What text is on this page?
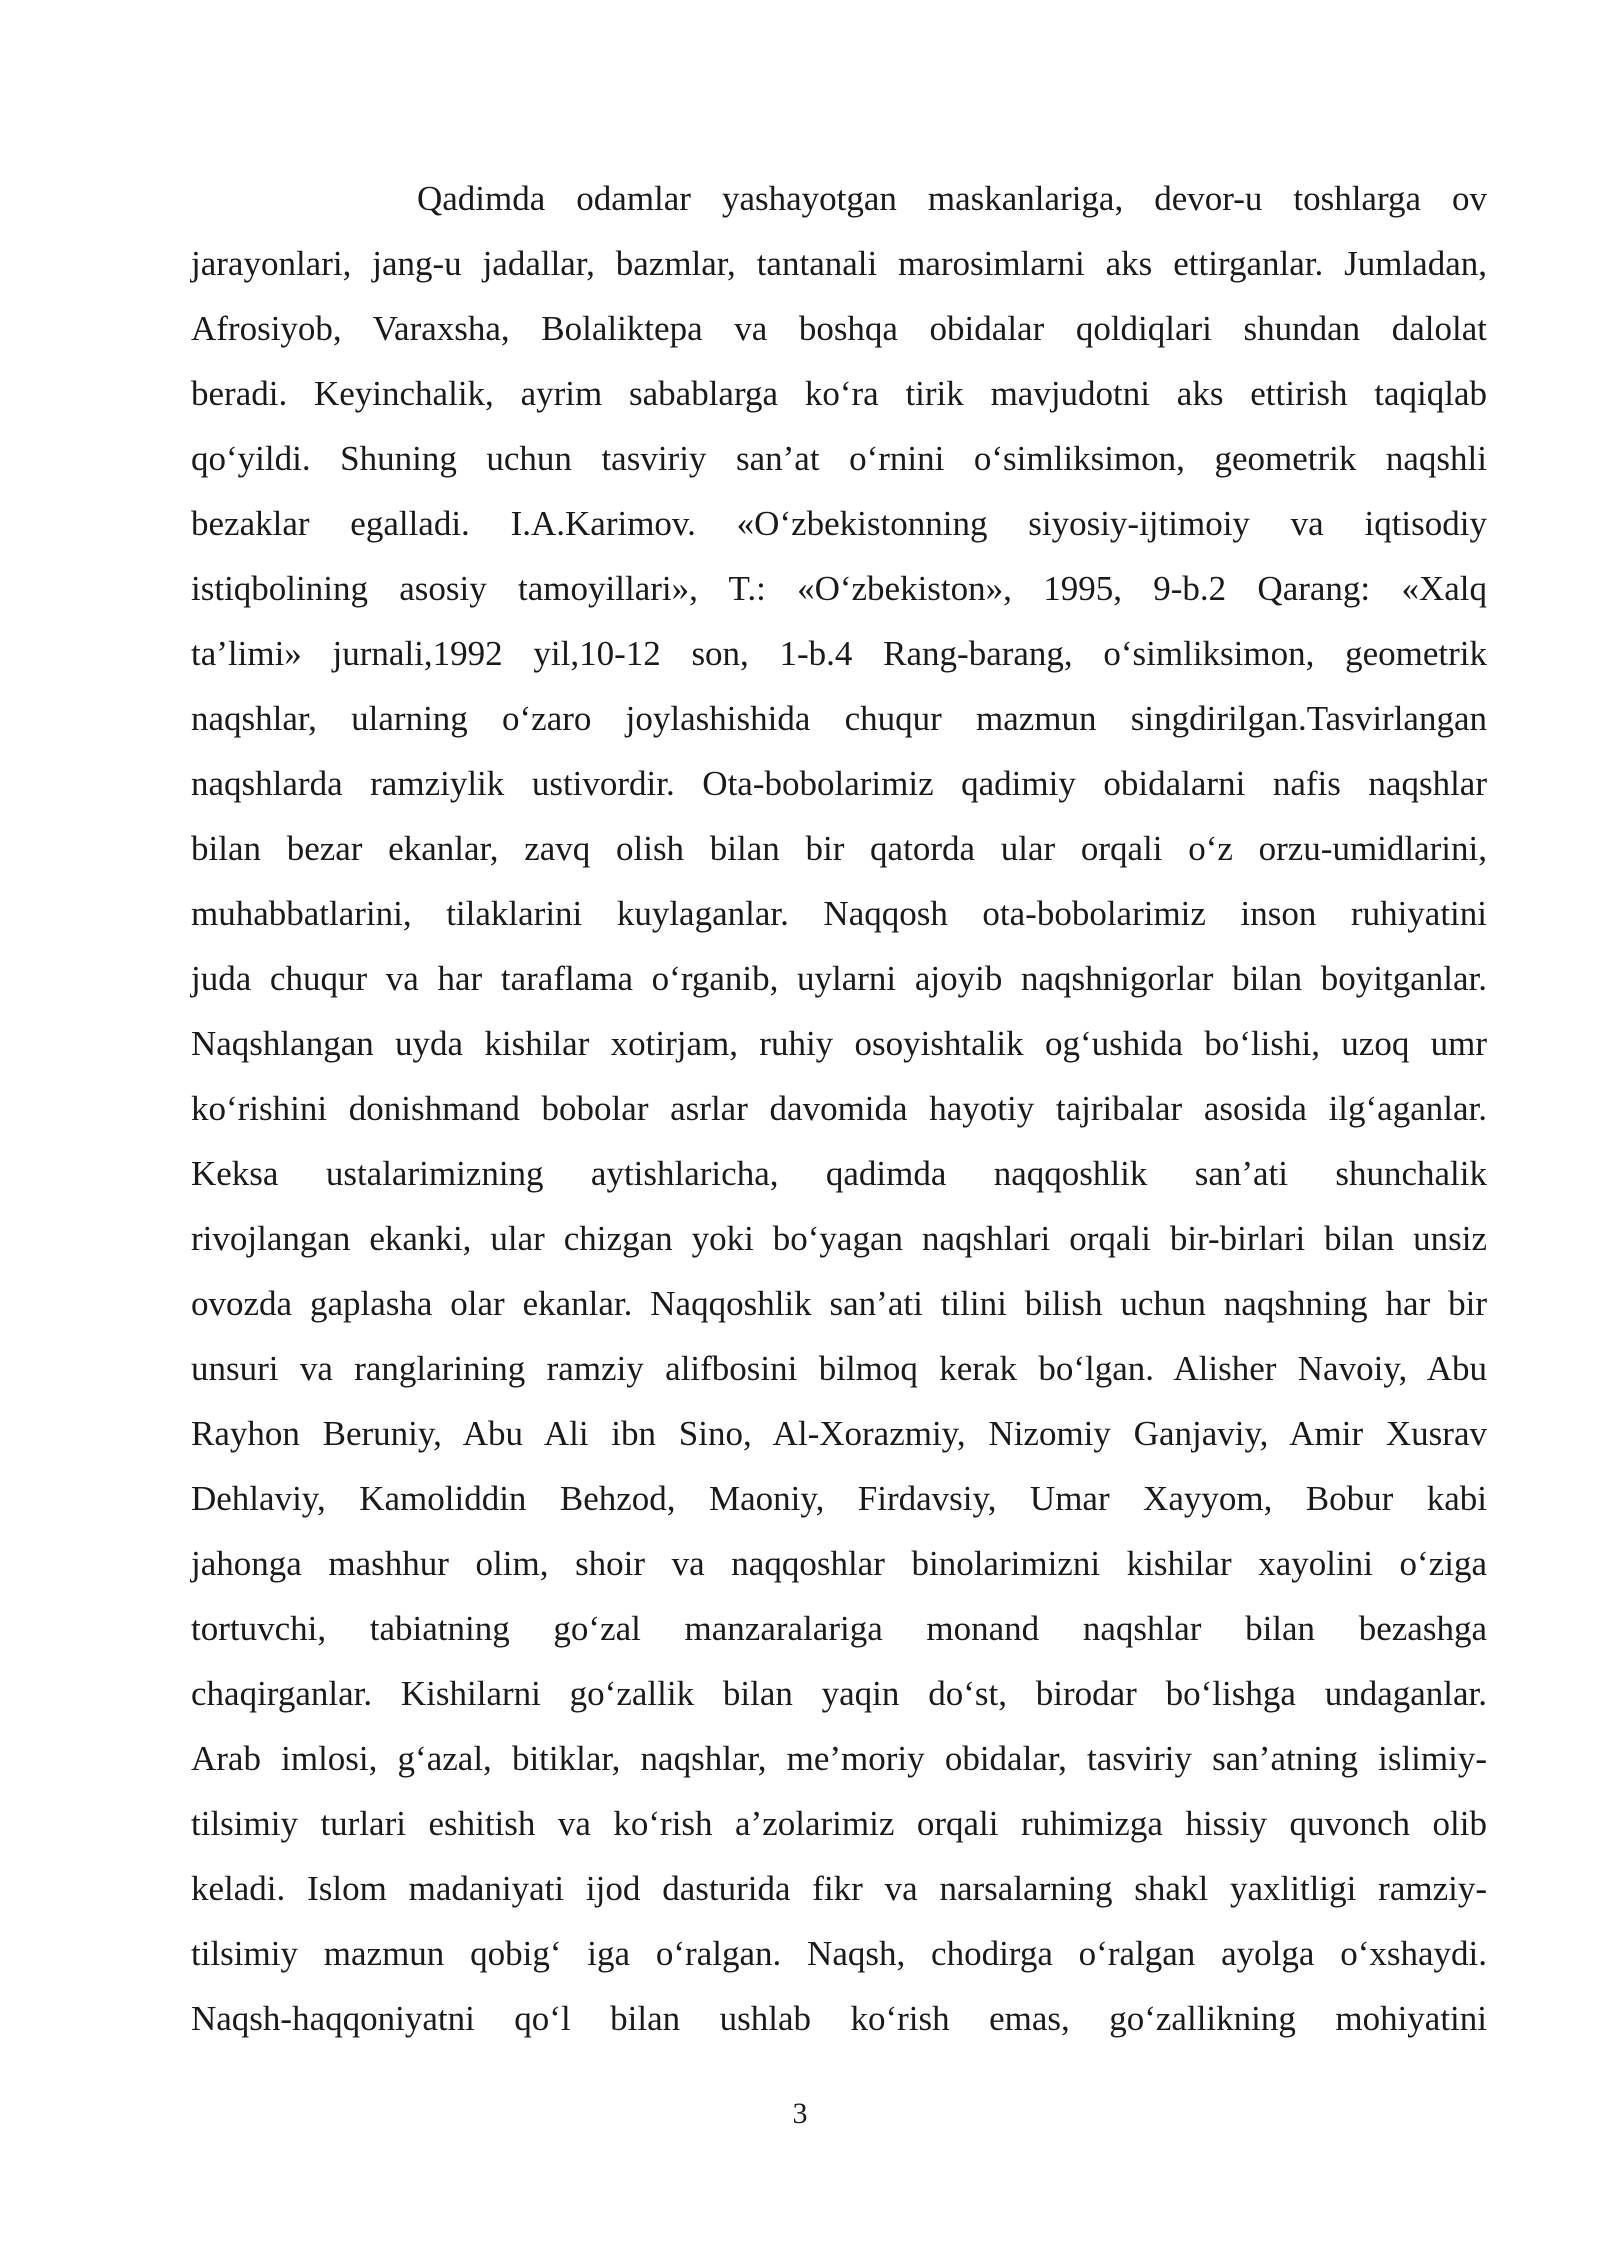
Qadimda odamlar yashayotgan maskanlariga, devor-u toshlarga ov
jarayonlari, jang-u jadallar, bazmlar, tantanali marosimlarni aks ettirganlar. Jumladan,
Afrosiyob, Varaxsha, Bolaliktepa va boshqa obidalar qoldiqlari shundan dalolat
beradi. Keyinchalik, ayrim sabablarga ko‘ra tirik mavjudotni aks ettirish taqiqlab
qo‘yildi. Shuning uchun tasviriy san’at o‘rnini o‘simliksimon, geometrik naqshli
bezaklar egalladi. I.A.Karimov. «O‘zbekistonning siyosiy-ijtimoiy va iqtisodiy
istiqbolining asosiy tamoyillari», T.: «O‘zbekiston», 1995, 9-b.2 Qarang: «Xalq
ta’limi» jurnali,1992 yil,10-12 son, 1-b.4 Rang-barang, o‘simliksimon, geometrik
naqshlar, ularning o‘zaro joylashishida chuqur mazmun singdirilgan.Tasvirlangan
naqshlarda ramziylik ustivordir. Ota-bobolarimiz qadimiy obidalarni nafis naqshlar
bilan bezar ekanlar, zavq olish bilan bir qatorda ular orqali o‘z orzu-umidlarini,
muhabbatlarini, tilaklarini kuylaganlar. Naqqosh ota-bobolarimiz inson ruhiyatini
juda chuqur va har taraflama o‘rganib, uylarni ajoyib naqshnigorlar bilan boyitganlar.
Naqshlangan uyda kishilar xotirjam, ruhiy osoyishtalik og‘ushida bo‘lishi, uzoq umr
ko‘rishini donishmand bobolar asrlar davomida hayotiy tajribalar asosida ilg‘aganlar.
Keksa ustalarimizning aytishlaricha, qadimda naqqoshlik san’ati shunchalik
rivojlangan ekanki, ular chizgan yoki bo‘yagan naqshlari orqali bir-birlari bilan unsiz
ovozda gaplasha olar ekanlar. Naqqoshlik san’ati tilini bilish uchun naqshning har bir
unsuri va ranglarining ramziy alifbosini bilmoq kerak bo‘lgan. Alisher Navoiy, Abu
Rayhon Beruniy, Abu Ali ibn Sino, Al-Xorazmiy, Nizomiy Ganjaviy, Amir Xusrav
Dehlaviy, Kamoliddin Behzod, Maoniy, Firdavsiy, Umar Xayyom, Bobur kabi
jahonga mashhur olim, shoir va naqqoshlar binolarimizni kishilar xayolini o‘ziga
tortuvchi, tabiatning go‘zal manzaralariga monand naqshlar bilan bezashga
chaqirganlar. Kishilarni go‘zallik bilan yaqin do‘st, birodar bo‘lishga undaganlar.
Arab imlosi, g‘azal, bitiklar, naqshlar, me’moriy obidalar, tasviriy san’atning islimiy-
tilsimiy turlari eshitish va ko‘rish a’zolarimiz orqali ruhimizga hissiy quvonch olib
keladi. Islom madaniyati ijod dasturida fikr va narsalarning shakl yaxlitligi ramziy-
tilsimiy mazmun qobig‘ iga o‘ralgan. Naqsh, chodirga o‘ralgan ayolga o‘xshaydi.
Naqsh-haqqoniyatni qo‘l bilan ushlab ko‘rish emas, go‘zallikning mohiyatini
3
